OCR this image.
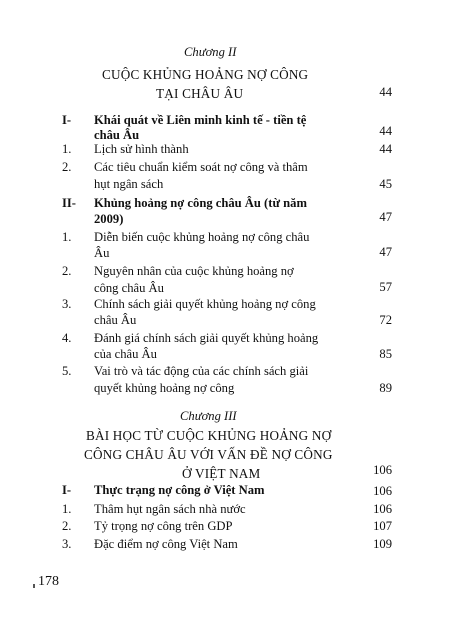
Chương II
CUỘC KHỦNG HOẢNG NỢ CÔNG
TẠI CHÂU ÂU	44
I- Khái quát về Liên minh kinh tế - tiền tệ
châu Âu	44
1. Lịch sử hình thành	44
2. Các tiêu chuẩn kiểm soát nợ công và thâm
hụt ngân sách	45
II- Khủng hoảng nợ công châu Âu (từ năm
2009)	47
1. Diễn biến cuộc khủng hoảng nợ công châu
Âu	47
2. Nguyên nhân của cuộc khủng hoảng nợ
công châu Âu	57
3. Chính sách giải quyết khủng hoảng nợ công
châu Âu	72
4. Đánh giá chính sách giải quyết khủng hoảng
của châu Âu	85
5. Vai trò và tác động của các chính sách giải
quyết khủng hoảng nợ công	89
Chương III
BÀI HỌC TỪ CUỘC KHỦNG HOẢNG NỢ
CÔNG CHÂU ÂU VỚI VẤN ĐỀ NỢ CÔNG
Ở VIỆT NAM	106
I- Thực trạng nợ công ở Việt Nam	106
1. Thâm hụt ngân sách nhà nước	106
2. Tỷ trọng nợ công trên GDP	107
3. Đặc điểm nợ công Việt Nam	109
178
